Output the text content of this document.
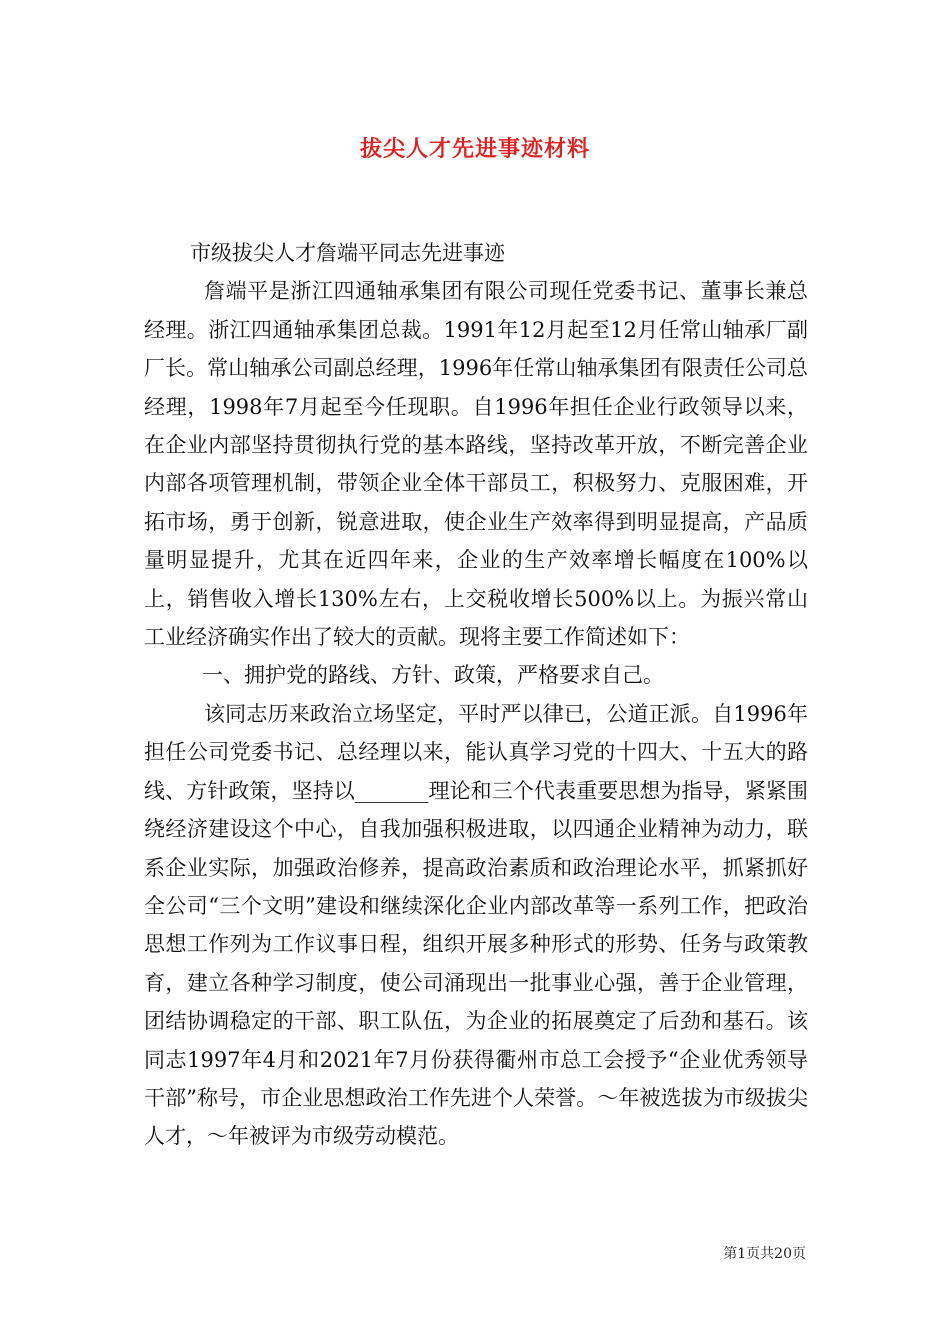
拔尖人才先进事迹材料

市级拔尖人才詹端平同志先进事迹

詹端平是浙江四通轴承集团有限公司现任党委书记、董事长兼总经理。浙江四通轴承集团总裁。1991年12月起至12月任常山轴承厂副厂长。常山轴承公司副总经理，1996年任常山轴承集团有限责任公司总经理，1998年7月起至今任现职。自1996年担任企业行政领导以来，在企业内部坚持贯彻执行党的基本路线，坚持改革开放，不断完善企业内部各项管理机制，带领企业全体干部员工，积极努力、克服困难，开拓市场，勇于创新，锐意进取，使企业生产效率得到明显提高，产品质量明显提升，尤其在近四年来，企业的生产效率增长幅度在100%以上，销售收入增长130%左右，上交税收增长500%以上。为振兴常山工业经济确实作出了较大的贡献。现将主要工作简述如下：

一、拥护党的路线、方针、政策，严格要求自己。

该同志历来政治立场坚定，平时严以律已，公道正派。自1996年担任公司党委书记、总经理以来，能认真学习党的十四大、十五大的路线、方针政策，坚持以_______理论和三个代表重要思想为指导，紧紧围绕经济建设这个中心，自我加强积极进取，以四通企业精神为动力，联系企业实际，加强政治修养，提高政治素质和政治理论水平，抓紧抓好全公司“三个文明”建设和继续深化企业内部改革等一系列工作，把政治思想工作列为工作议事日程，组织开展多种形式的形势、任务与政策教育，建立各种学习制度，使公司涌现出一批事业心强，善于企业管理，团结协调稳定的干部、职工队伍，为企业的拓展奠定了后劲和基石。该同志1997年4月和2021年7月份获得衢州市总工会授予“企业优秀领导干部”称号，市企业思想政治工作先进个人荣誉。～年被选拔为市级拔尖人才，～年被评为市级劳动模范。

第1页共20页
